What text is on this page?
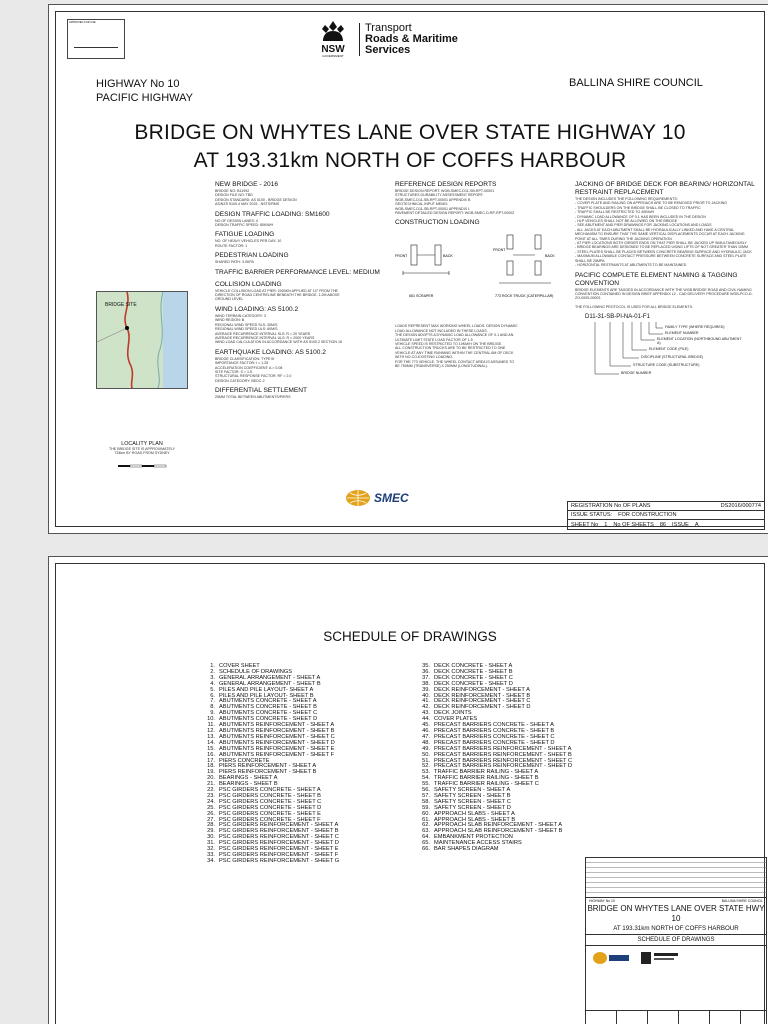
APPROVED FOR USE
NSW
GOVERNMENT
Transport
Roads & Maritime
Services
HIGHWAY No 10
PACIFIC HIGHWAY
BALLINA SHIRE COUNCIL
BRIDGE ON WHYTES LANE OVER STATE HIGHWAY 10
AT 193.31km NORTH OF COFFS HARBOUR
NEW BRIDGE - 2016
BRIDGE NO: B11992
DESIGN FILE NO: TBD
DESIGN STANDARD: AS 5100 - BRIDGE DESIGN
AS/NZS 5100.4 MAY 2015 - NSTS/RMS
DESIGN TRAFFIC LOADING: SM1600
NO OF DESIGN LANES: 4
DESIGN TRAFFIC SPEED: 80KM/H
FATIGUE LOADING
NO. OF HEAVY VEHICLES PER DAY: 10
ROUTE FACTOR: 1
PEDESTRIAN LOADING
SHARED PATH: 3.0KPA
TRAFFIC BARRIER PERFORMANCE LEVEL: MEDIUM
COLLISION LOADING
VEHICLE COLLISION LOAD AT PIER: 2000KN APPLIED AT 10° FROM THE
DIRECTION OF ROAD CENTRELINE BENEATH THE BRIDGE, 1.2M ABOVE
GROUND LEVEL
WIND LOADING: AS 5100.2
WIND TERRAIN CATEGORY: 3
WIND REGION: B
REGIONAL WIND SPEED SLS: 30M/S
REGIONAL WIND SPEED ULS: 60M/S
AVERAGE RECURRENCE INTERVAL SLS: R = 20 YEARS
AVERAGE RECURRENCE INTERVAL ULS: R = 2000 YEARS
WIND LOAD CALCULATION IN ACCORDANCE WITH AS 5100.2 SECTION 16
EARTHQUAKE LOADING: AS 5100.2
BRIDGE CLASSIFICATION: TYPE III
IMPORTANCE FACTOR: I = 1.25
ACCELERATION COEFFICIENT: A = 0.08
SITE FACTOR: S = 1.5
STRUCTURAL RESPONSE FACTOR: RF = 2.0
DESIGN CATEGORY: BEDC-2
DIFFERENTIAL SETTLEMENT
25MM TOTAL BETWEEN ABUTMENTS/PIERS
REFERENCE DESIGN REPORTS
BRIDGE DESIGN REPORT: WGB-SMEC-D11-SB-RPT-00001
STRUCTURES DURABILITY ASSESSMENT REPORT:
WGB-SMEC-D11-SB-RPT-00001 APPENDIX B
GEOTECHNICAL INPUT MEMO:
WGB-SMEC-D11-SB-RPT-00001 APPENDIX L
PAVEMENT DETAILED DESIGN REPORT: WGB-SMEC-D-RP-RPT-00002
CONSTRUCTION LOADING
FRONT	BACK
FRONT
BACK
651 SCRAPER	773 ROCK TRUCK (CATERPILLAR)
LOADS REPRESENT MAX WORKING WHEEL LOADS. DESIGN DYNAMIC
LOAD ALLOWANCE NOT INCLUDED IN THESE LOADS.
THE DESIGN ADOPTS A DYNAMIC LOAD ALLOWANCE OF 0.1 AND AN
ULTIMATE LIMIT STATE LOAD FACTOR OF 1.5
VEHICLE SPEED IS RESTRICTED TO 10KM/H ON THE BRIDGE.
ALL CONSTRUCTION TRUCKS ARE TO BE RESTRICTED TO ONE
VEHICLE AT ANY TIME RUNNING WITHIN THE CENTRAL 6M OF DECK
WITH NO CO-EXISTING LOADING.
FOR THE 773 VEHICLE, THE WHEEL CONTACT AREA IS ASSUMED TO
BE 750MM (TRANSVERSE) X 250MM (LONGITUDINAL).
JACKING OF BRIDGE DECK FOR BEARING/ HORIZONTAL RESTRAINT REPLACEMENT
THE DESIGN INCLUDES THE FOLLOWING REQUIREMENTS:
- COVER PLATE AND RAILING ON APPROACH ARE TO BE REMOVED PRIOR TO JACKING
- TRAFFIC SHOULDERS ON THE BRIDGE SHALL BE CLOSED TO TRAFFIC
- TRAFFIC SHALL BE RESTRICTED TO 40KM/H
- DYNAMIC LOAD ALLOWANCE OF 0.1 HAS BEEN INCLUDED IN THE DESIGN
- HLP VEHICLES SHALL NOT BE ALLOWED ON THE BRIDGE
- SEE ABUTMENT AND PIER DRAWINGS FOR JACKING LOCATIONS AND LOADS
- ALL JACKS AT EACH ABUTMENT SHALL BE HYDRAULICALLY LINKED AND HAVE A CENTRAL MECHANISM TO ENSURE THAT THE SAME VERTICAL DISPLACEMENTS OCCUR AT EACH JACKING POINT AT ALL TIMES DURING THE JACKING OPERATION
- AT PIER LOCATIONS BOTH GIRDER ENDS ON THAT PIER SHALL BE JACKED UP SIMULTANEOUSLY
- BRIDGE BEARINGS ARE DESIGNED TO BE REPLACED USING LIFTS OF NOT GREATER THAN 10MM
- STEEL PLATES SHALL BE PLACED BETWEEN CONCRETE BEARING SURFACE AND HYDRAULIC JACK
- MAXIMUM ALLOWABLE CONTACT PRESSURE BETWEEN CONCRETE SURFACE AND STEEL PLATE SHALL BE 25MPA
- HORIZONTAL RESTRAINTS AT ABUTMENTS TO BE MAINTAINED
PACIFIC COMPLETE ELEMENT NAMING & TAGGING CONVENTION
BRIDGE ELEMENTS ARE TAGGED IN ACCORDANCE WITH THE WGB BRIDGE ROAD AND CIVIL NAMING CONVENTION CONTAINED IN DESIGN BRIEF APPENDIX L2 - CAD DELIVERY PROCEDURE WGB-PCO-D-ZO-0005-00003

THE FOLLOWING PROTOCOL IS USED FOR ALL BRIDGE ELEMENTS:
D11-31-SB-PI-NA-01-F1
FAMILY TYPE (WHERE REQUIRED)
ELEMENT NUMBER
ELEMENT LOCATION (NORTHBOUND ABUTMENT A)
ELEMENT CODE (PILE)
DISCIPLINE (STRUCTURAL BRIDGE)
STRUCTURE CODE (SUBSTRUCTURE)
BRIDGE NUMBER
BRIDGE SITE
LOCALITY PLAN
THE BRIDGE SITE IS APPROXIMATELY
734km BY ROAD FROM SYDNEY
SMEC
REGISTRATION No OF PLANS	DS2016/000774
ISSUE STATUS:	FOR CONSTRUCTION
SHEET No	1	No OF SHEETS	86	ISSUE	A

SCHEDULE OF DRAWINGS
1. COVER SHEET
2. SCHEDULE OF DRAWINGS
3. GENERAL ARRANGEMENT - SHEET A
4. GENERAL ARRANGEMENT - SHEET B
5. PILES AND PILE LAYOUT- SHEET A
6. PILES AND PILE LAYOUT- SHEET B
7. ABUTMENTS CONCRETE - SHEET A
8. ABUTMENTS CONCRETE - SHEET B
9. ABUTMENTS CONCRETE - SHEET C
10. ABUTMENTS CONCRETE - SHEET D
11. ABUTMENTS REINFORCEMENT - SHEET A
12. ABUTMENTS REINFORCEMENT - SHEET B
13. ABUTMENTS REINFORCEMENT - SHEET C
14. ABUTMENTS REINFORCEMENT - SHEET D
15. ABUTMENTS REINFORCEMENT - SHEET E
16. ABUTMENTS REINFORCEMENT - SHEET F
17. PIERS CONCRETE
18. PIERS REINFORCEMENT - SHEET A
19. PIERS REINFORCEMENT - SHEET B
20. BEARINGS - SHEET A
21. BEARINGS - SHEET B
22. PSC GIRDERS CONCRETE - SHEET A
23. PSC GIRDERS CONCRETE - SHEET B
24. PSC GIRDERS CONCRETE - SHEET C
25. PSC GIRDERS CONCRETE - SHEET D
26. PSC GIRDERS CONCRETE - SHEET E
27. PSC GIRDERS CONCRETE - SHEET F
28. PSC GIRDERS REINFORCEMENT - SHEET A
29. PSC GIRDERS REINFORCEMENT - SHEET B
30. PSC GIRDERS REINFORCEMENT - SHEET C
31. PSC GIRDERS REINFORCEMENT - SHEET D
32. PSC GIRDERS REINFORCEMENT - SHEET E
33. PSC GIRDERS REINFORCEMENT - SHEET F
34. PSC GIRDERS REINFORCEMENT - SHEET G
35. DECK CONCRETE - SHEET A
36. DECK CONCRETE - SHEET B
37. DECK CONCRETE - SHEET C
38. DECK CONCRETE - SHEET D
39. DECK REINFORCEMENT - SHEET A
40. DECK REINFORCEMENT - SHEET B
41. DECK REINFORCEMENT - SHEET C
42. DECK REINFORCEMENT - SHEET D
43. DECK JOINTS
44. COVER PLATES
45. PRECAST BARRIERS CONCRETE - SHEET A
46. PRECAST BARRIERS CONCRETE - SHEET B
47. PRECAST BARRIERS CONCRETE - SHEET C
48. PRECAST BARRIERS CONCRETE - SHEET D
49. PRECAST BARRIERS REINFORCEMENT - SHEET A
50. PRECAST BARRIERS REINFORCEMENT - SHEET B
51. PRECAST BARRIERS REINFORCEMENT - SHEET C
52. PRECAST BARRIERS REINFORCEMENT - SHEET D
53. TRAFFIC BARRIER RAILING - SHEET A
54. TRAFFIC BARRIER RAILING - SHEET B
55. TRAFFIC BARRIER RAILING - SHEET C
56. SAFETY SCREEN - SHEET A
57. SAFETY SCREEN - SHEET B
58. SAFETY SCREEN - SHEET C
59. SAFETY SCREEN - SHEET D
60. APPROACH SLABS - SHEET A
61. APPROACH SLABS - SHEET B
62. APPROACH SLAB REINFORCEMENT - SHEET A
63. APPROACH SLAB REINFORCEMENT - SHEET B
64. EMBANKMENT PROTECTION
65. MAINTENANCE ACCESS STAIRS
66. BAR SHAPES DIAGRAM
HIGHWAY No 10	BALLINA SHIRE COUNCIL
BRIDGE ON WHYTES LANE OVER STATE HWY 10
AT 193.31km NORTH OF COFFS HARBOUR
SCHEDULE OF DRAWINGS
